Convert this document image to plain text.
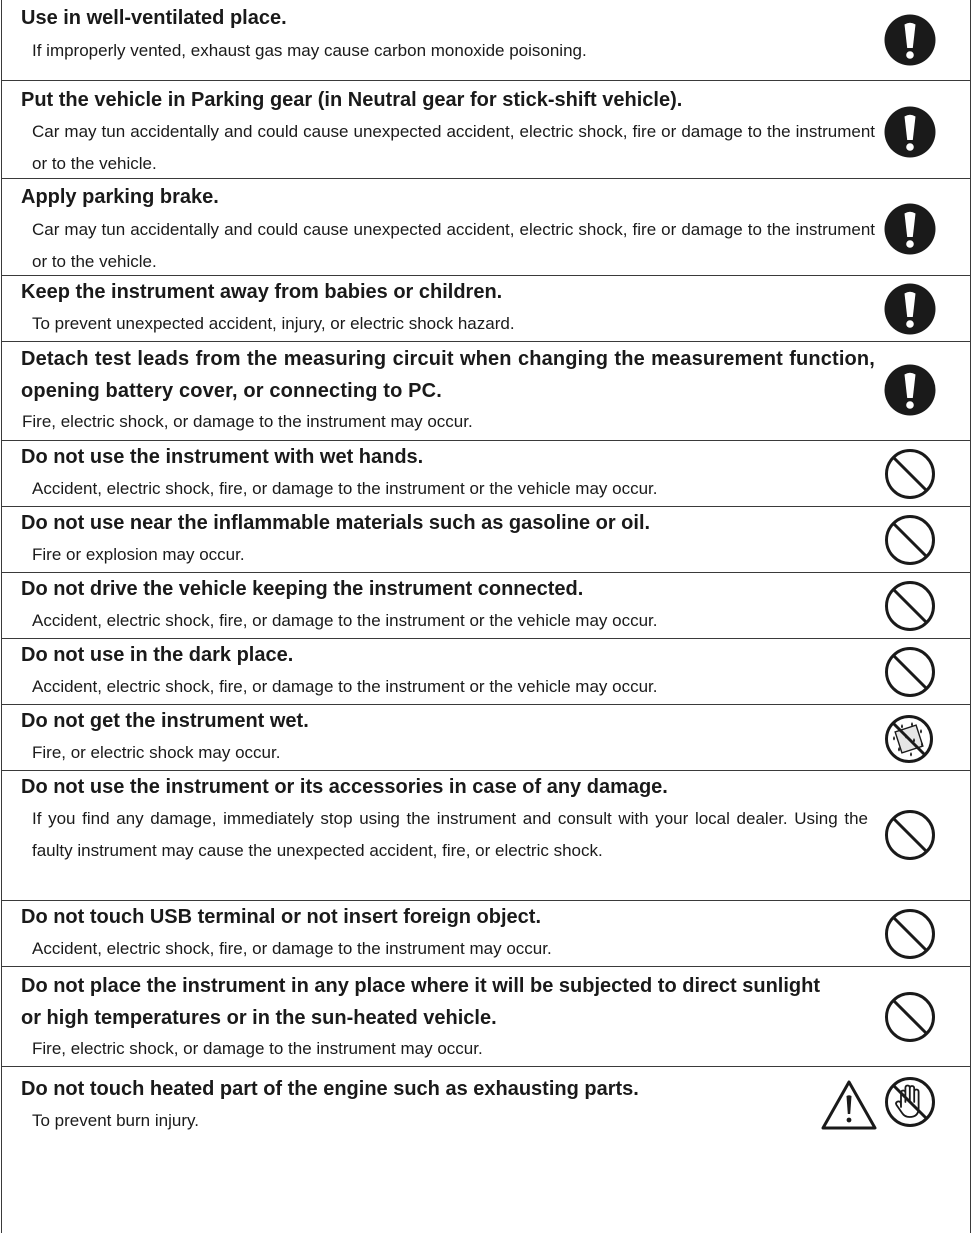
Use in well-ventilated place.
If improperly vented, exhaust gas may cause carbon monoxide poisoning.
Put the vehicle in Parking gear (in Neutral gear for stick-shift vehicle).
Car may tun accidentally and could cause unexpected accident, electric shock, fire or damage to the instrument or to the vehicle.
Apply parking brake.
Car may tun accidentally and could cause unexpected accident, electric shock, fire or damage to the instrument or to the vehicle.
Keep the instrument away from babies or children.
To prevent unexpected accident, injury, or electric shock hazard.
Detach test leads from the measuring circuit when changing the measurement function, opening battery cover, or connecting to PC.
Fire, electric shock, or damage to the instrument may occur.
Do not use the instrument with wet hands.
Accident, electric shock, fire, or damage to the instrument or the vehicle may occur.
Do not use near the inflammable materials such as gasoline or oil.
Fire or explosion may occur.
Do not drive the vehicle keeping the instrument connected.
Accident, electric shock, fire, or damage to the instrument or the vehicle may occur.
Do not use in the dark place.
Accident, electric shock, fire, or damage to the instrument or the vehicle may occur.
Do not get the instrument wet.
Fire, or electric shock may occur.
Do not use the instrument or its accessories in case of any damage.
If you find any damage, immediately stop using the instrument and consult with your local dealer. Using the faulty instrument may cause the unexpected accident, fire, or electric shock.
Do not touch USB terminal or not insert foreign object.
Accident, electric shock, fire, or damage to the instrument may occur.
Do not place the instrument in any place where it will be subjected to direct sunlight or high temperatures or in the sun-heated vehicle.
Fire, electric shock, or damage to the instrument may occur.
Do not touch heated part of the engine such as exhausting parts.
To prevent burn injury.
